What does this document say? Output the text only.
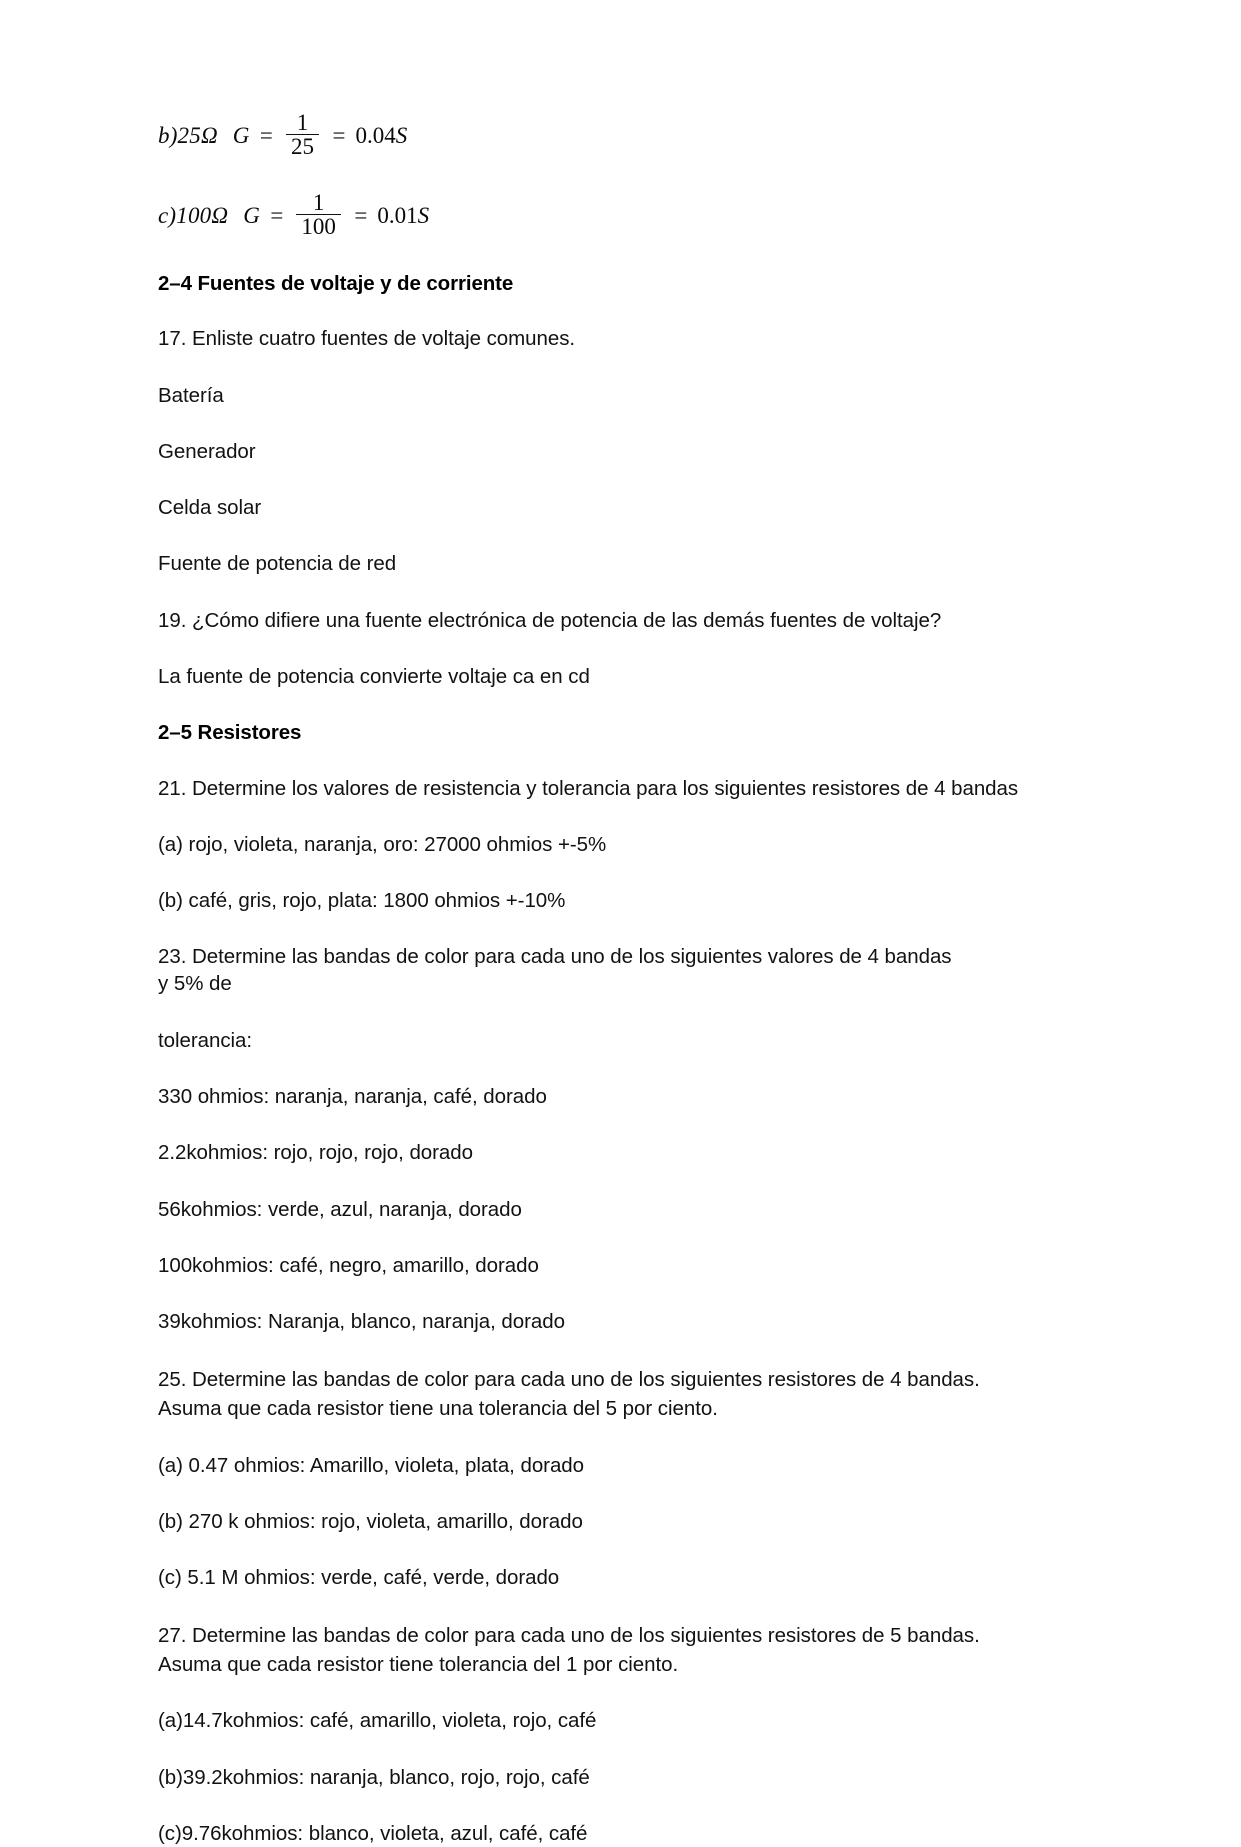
b)25Ω $G = \frac{1}{25} = 0.04$ S
c)100Ω $G = \frac{1}{100} = 0.01$ S
2–4 Fuentes de voltaje y de corriente
17. Enliste cuatro fuentes de voltaje comunes.
Batería
Generador
Celda solar
Fuente de potencia de red
19. ¿Cómo difiere una fuente electrónica de potencia de las demás fuentes de voltaje?
La fuente de potencia convierte voltaje ca en cd
2–5 Resistores
21. Determine los valores de resistencia y tolerancia para los siguientes resistores de 4 bandas
(a) rojo, violeta, naranja, oro: 27000 ohmios +-5%
(b) café, gris, rojo, plata: 1800 ohmios +-10%
23. Determine las bandas de color para cada uno de los siguientes valores de 4 bandas y 5% de
tolerancia:
330 ohmios: naranja, naranja, café, dorado
2.2kohmios: rojo, rojo, rojo, dorado
56kohmios: verde, azul, naranja, dorado
100kohmios: café, negro, amarillo, dorado
39kohmios: Naranja, blanco, naranja, dorado
25. Determine las bandas de color para cada uno de los siguientes resistores de 4 bandas.
Asuma que cada resistor tiene una tolerancia del 5 por ciento.
(a) 0.47 ohmios: Amarillo, violeta, plata, dorado
(b) 270 k ohmios: rojo, violeta, amarillo, dorado
(c) 5.1 M ohmios: verde, café, verde, dorado
27. Determine las bandas de color para cada uno de los siguientes resistores de 5 bandas.
Asuma que cada resistor tiene tolerancia del 1 por ciento.
(a)14.7kohmios: café, amarillo, violeta, rojo, café
(b)39.2kohmios: naranja, blanco, rojo, rojo, café
(c)9.76kohmios: blanco, violeta, azul, café, café
